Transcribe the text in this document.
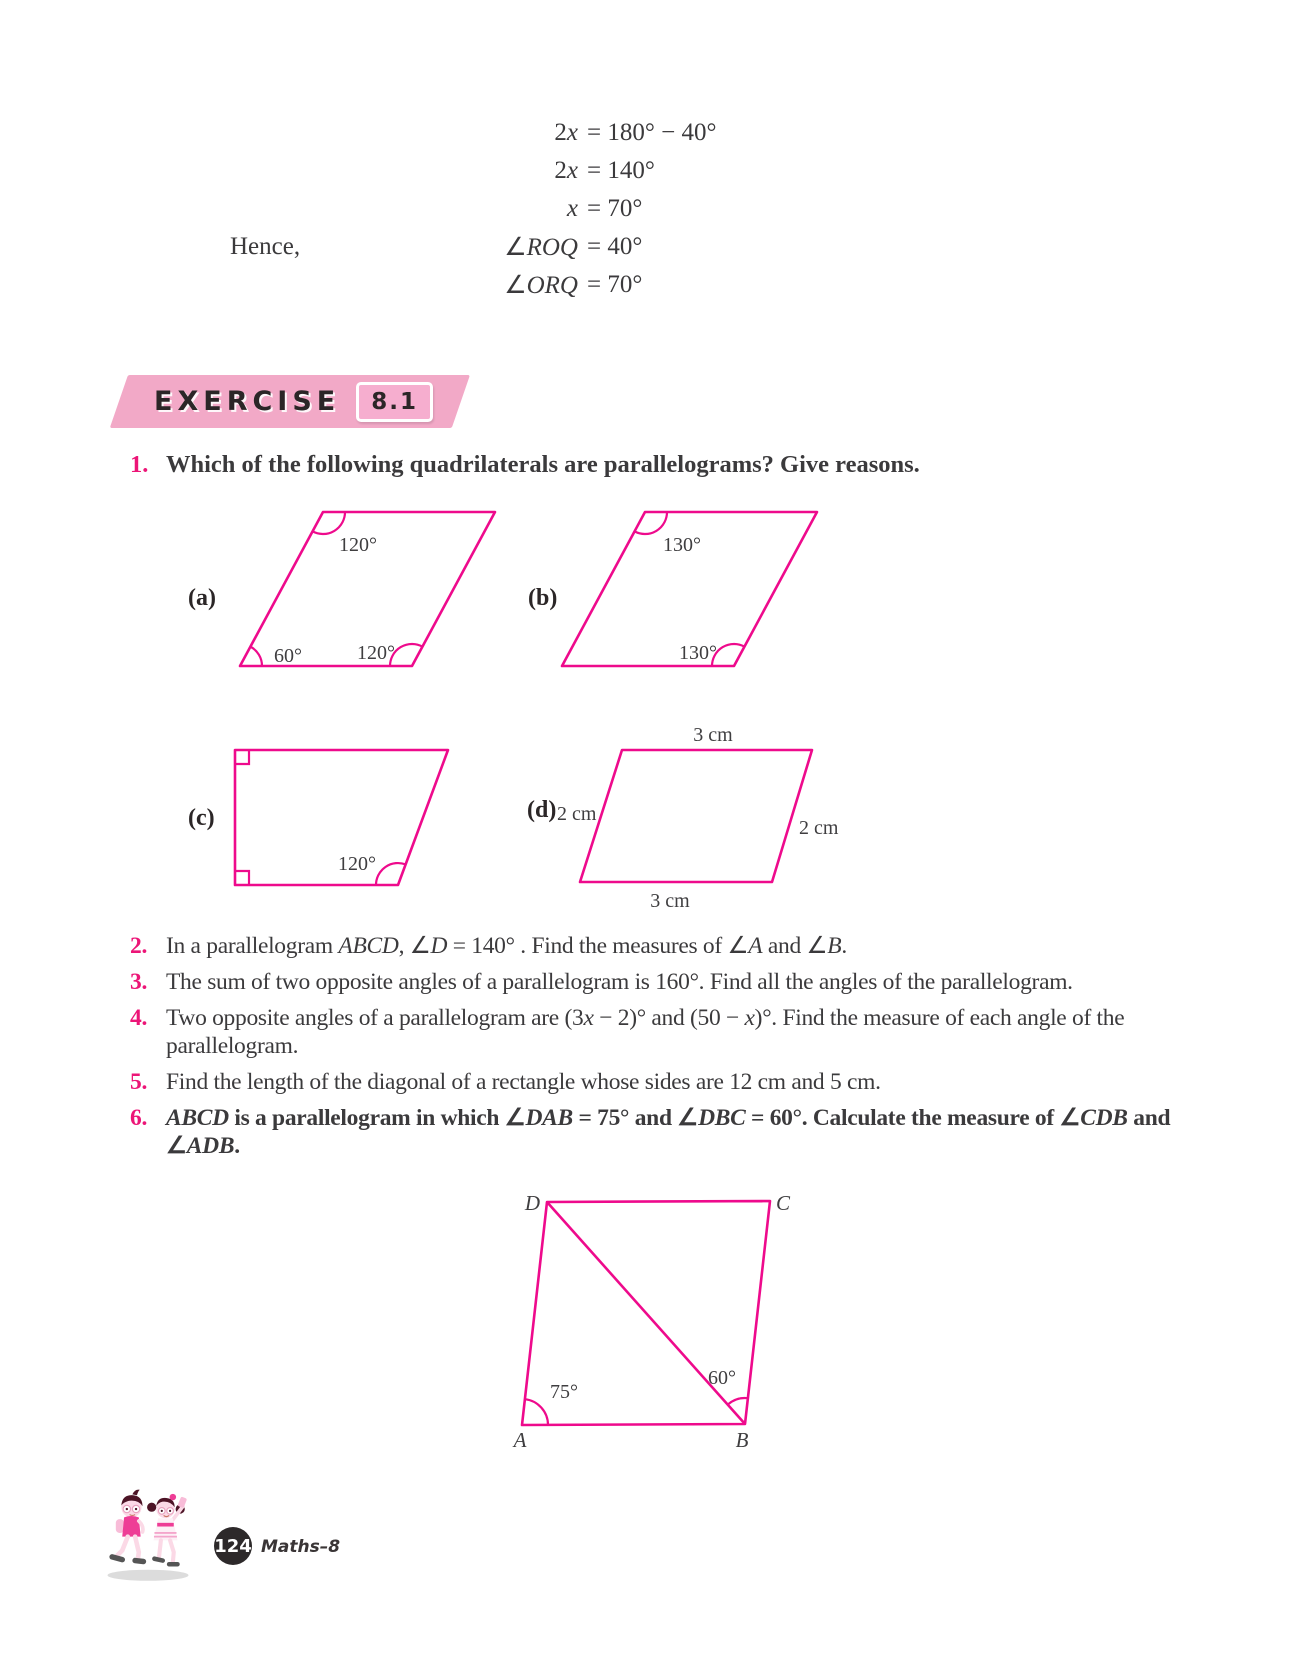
2x = 180° − 40°
2x = 140°
x = 70°
Hence,	∠ROQ = 40°
∠ORQ = 70°
EXERCISE	8.1
1. Which of the following quadrilaterals are parallelograms? Give reasons.
(a)
120°
60°	120°
(b)
130°
130°
(c)
120°
(d)
3 cm
2 cm
2 cm
3 cm
2. In a parallelogram ABCD, ∠D = 140° . Find the measures of ∠A and ∠B.
3. The sum of two opposite angles of a parallelogram is 160°. Find all the angles of the parallelogram.
4. Two opposite angles of a parallelogram are (3x − 2)° and (50 − x)°. Find the measure of each angle of the parallelogram.
5. Find the length of the diagonal of a rectangle whose sides are 12 cm and 5 cm.
6. ABCD is a parallelogram in which ∠DAB = 75° and ∠DBC = 60°. Calculate the measure of ∠CDB and ∠ADB.
D	C
A	B
75°
60°
124 Maths–8
